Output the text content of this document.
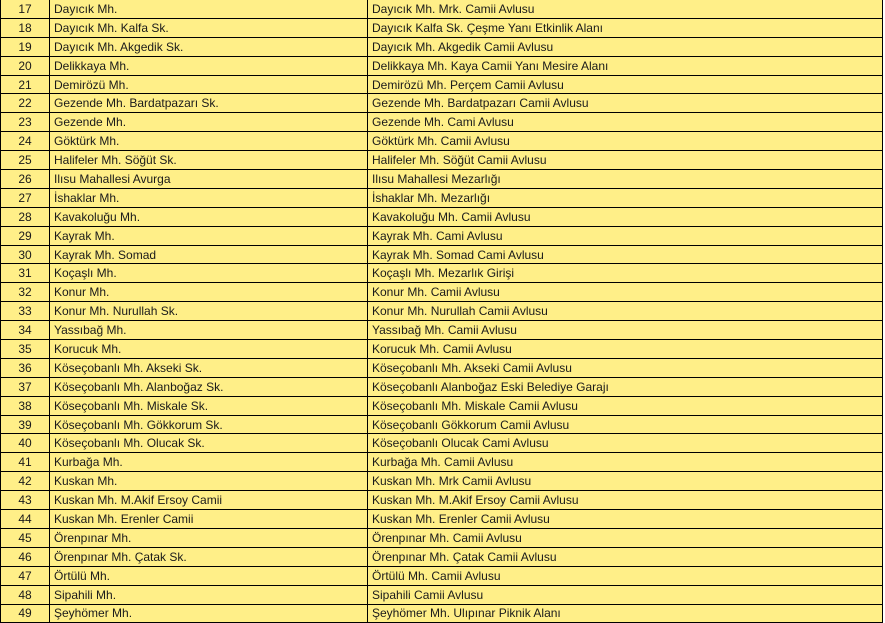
17	Dayıcık Mh.	Dayıcık Mh. Mrk. Camii Avlusu
18	Dayıcık Mh. Kalfa Sk.	Dayıcık Kalfa Sk. Çeşme Yanı Etkinlik Alanı
19	Dayıcık Mh. Akgedik Sk.	Dayıcık Mh. Akgedik Camii Avlusu
20	Delikkaya Mh.	Delikkaya Mh. Kaya Camii Yanı Mesire Alanı
21	Demirözü Mh.	Demirözü Mh. Perçem Camii Avlusu
22	Gezende Mh. Bardatpazarı Sk.	Gezende Mh. Bardatpazarı Camii Avlusu
23	Gezende Mh.	Gezende Mh. Cami Avlusu
24	Göktürk Mh.	Göktürk Mh. Camii Avlusu
25	Halifeler Mh. Söğüt Sk.	Halifeler Mh. Söğüt Camii Avlusu
26	Ilısu Mahallesi Avurga	Ilısu Mahallesi Mezarlığı
27	İshaklar Mh.	İshaklar Mh. Mezarlığı
28	Kavakoluğu Mh.	Kavakoluğu Mh. Camii Avlusu
29	Kayrak Mh.	Kayrak Mh. Cami Avlusu
30	Kayrak Mh. Somad	Kayrak Mh. Somad Cami Avlusu
31	Koçaşlı Mh.	Koçaşlı Mh. Mezarlık Girişi
32	Konur Mh.	Konur Mh. Camii Avlusu
33	Konur Mh. Nurullah Sk.	Konur Mh. Nurullah Camii Avlusu
34	Yassıbağ Mh.	Yassıbağ Mh. Camii Avlusu
35	Korucuk Mh.	Korucuk Mh. Camii Avlusu
36	Köseçobanlı Mh. Akseki Sk.	Köseçobanlı Mh. Akseki Camii Avlusu
37	Köseçobanlı Mh. Alanboğaz Sk.	Köseçobanlı Alanboğaz Eski Belediye Garajı
38	Köseçobanlı Mh. Miskale Sk.	Köseçobanlı Mh. Miskale Camii Avlusu
39	Köseçobanlı Mh. Gökkorum Sk.	Köseçobanlı Gökkorum Camii Avlusu
40	Köseçobanlı Mh. Olucak Sk.	Köseçobanlı Olucak Cami Avlusu
41	Kurbağa Mh.	Kurbağa Mh. Camii Avlusu
42	Kuskan Mh.	Kuskan Mh. Mrk Camii Avlusu
43	Kuskan Mh. M.Akif Ersoy Camii	Kuskan Mh. M.Akif Ersoy Camii Avlusu
44	Kuskan Mh. Erenler Camii	Kuskan Mh. Erenler Camii Avlusu
45	Örenpınar Mh.	Örenpınar Mh. Camii Avlusu
46	Örenpınar Mh. Çatak Sk.	Örenpınar Mh. Çatak Camii Avlusu
47	Örtülü Mh.	Örtülü Mh. Camii Avlusu
48	Sipahili Mh.	Sipahili Camii Avlusu
49	Şeyhömer Mh.	Şeyhömer Mh. Ulıpınar Piknik Alanı
